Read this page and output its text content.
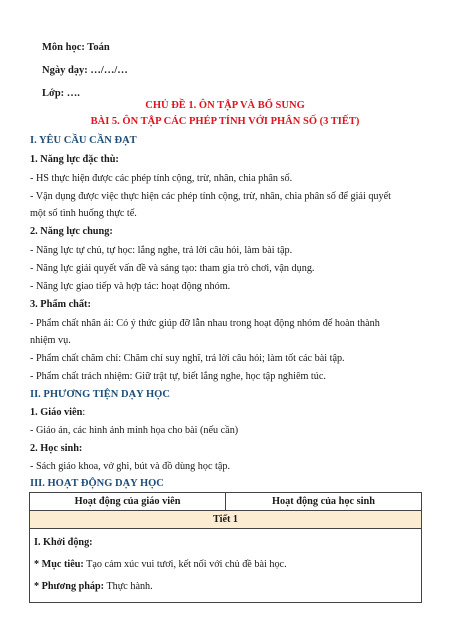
Môn học: Toán
Ngày dạy: …/…/…
Lớp: ….
CHỦ ĐỀ 1. ÔN TẬP VÀ BỔ SUNG
BÀI 5. ÔN TẬP CÁC PHÉP TÍNH VỚI PHÂN SỐ (3 TIẾT)
I. YÊU CẦU CẦN ĐẠT
1. Năng lực đặc thù:
- HS thực hiện được các phép tính cộng, trừ, nhân, chia phân số.
- Vận dụng được việc thực hiện các phép tính cộng, trừ, nhân, chia phân số để giải quyết
một số tình huống thực tế.
2. Năng lực chung:
- Năng lực tự chủ, tự học: lắng nghe, trả lời câu hỏi, làm bài tập.
- Năng lực giải quyết vấn đề và sáng tạo: tham gia trò chơi, vận dụng.
- Năng lực giao tiếp và hợp tác: hoạt động nhóm.
3. Phẩm chất:
- Phẩm chất nhân ái: Có ý thức giúp đỡ lẫn nhau trong hoạt động nhóm để hoàn thành
nhiệm vụ.
- Phẩm chất chăm chỉ: Chăm chỉ suy nghĩ, trả lời câu hỏi; làm tốt các bài tập.
- Phẩm chất trách nhiệm: Giữ trật tự, biết lắng nghe, học tập nghiêm túc.
II. PHƯƠNG TIỆN DẠY HỌC
1. Giáo viên:
- Giáo án, các hình ảnh minh họa cho bài (nếu cần)
2. Học sinh:
- Sách giáo khoa, vở ghi, bút và đồ dùng học tập.
III. HOẠT ĐỘNG DẠY HỌC
Hoạt động của giáo viên	Hoạt động của học sinh
Tiết 1

I. Khởi động:
* Mục tiêu: Tạo cảm xúc vui tươi, kết nối với chủ đề bài học.
* Phương pháp: Thực hành.
